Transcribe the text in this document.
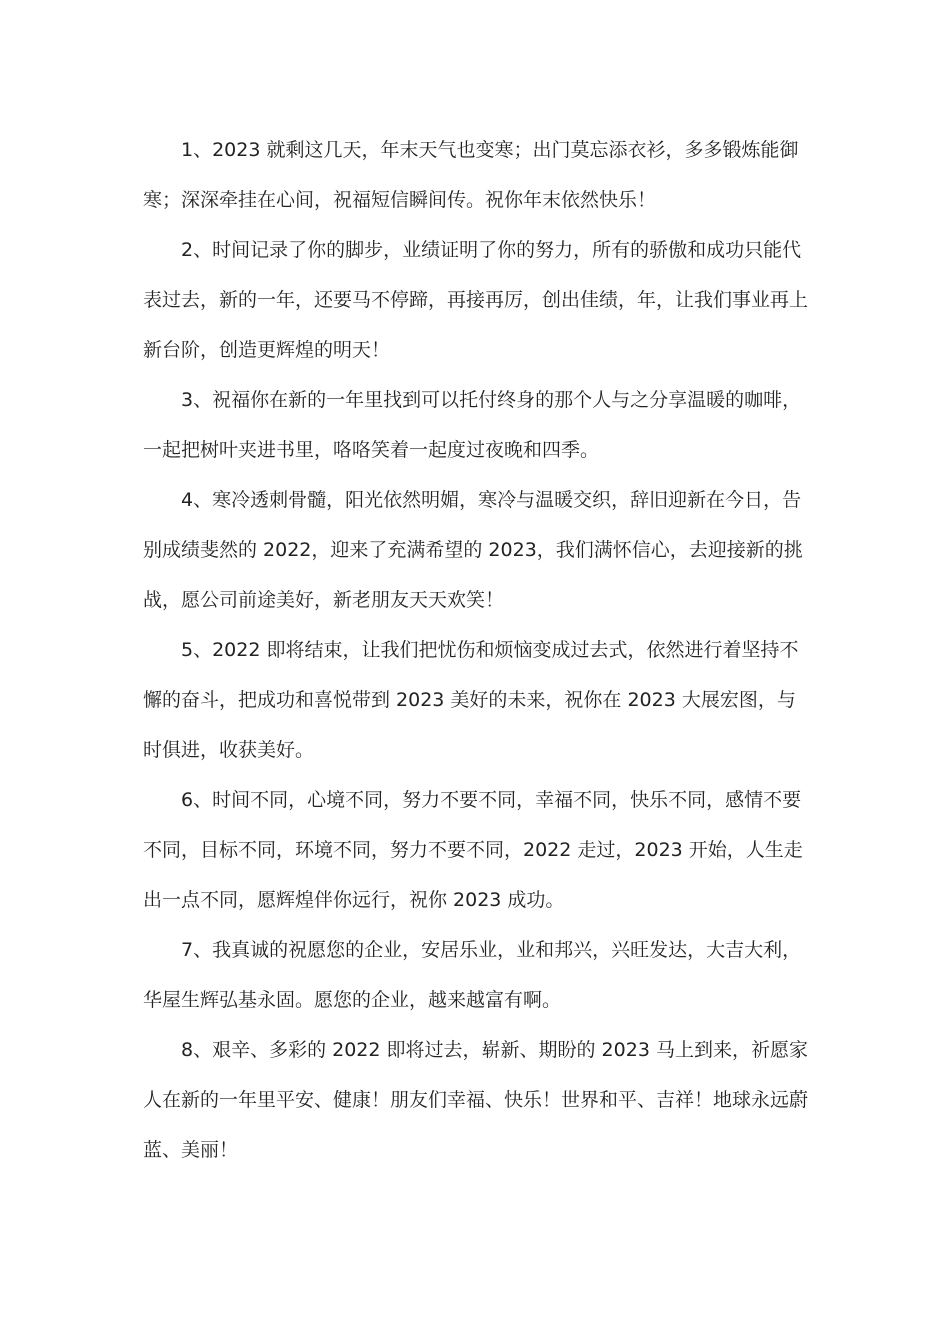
1、2023 就剩这几天，年末天气也变寒；出门莫忘添衣衫，多多锻炼能御寒；深深牵挂在心间，祝福短信瞬间传。祝你年末依然快乐！

2、时间记录了你的脚步，业绩证明了你的努力，所有的骄傲和成功只能代表过去，新的一年，还要马不停蹄，再接再厉，创出佳绩，年，让我们事业再上新台阶，创造更辉煌的明天！

3、祝福你在新的一年里找到可以托付终身的那个人与之分享温暖的咖啡，一起把树叶夹进书里，咯咯笑着一起度过夜晚和四季。

4、寒冷透刺骨髓，阳光依然明媚，寒冷与温暖交织，辞旧迎新在今日，告别成绩斐然的 2022，迎来了充满希望的 2023，我们满怀信心，去迎接新的挑战，愿公司前途美好，新老朋友天天欢笑！

5、2022 即将结束，让我们把忧伤和烦恼变成过去式，依然进行着坚持不懈的奋斗，把成功和喜悦带到 2023 美好的未来，祝你在 2023 大展宏图，与时俱进，收获美好。

6、时间不同，心境不同，努力不要不同，幸福不同，快乐不同，感情不要不同，目标不同，环境不同，努力不要不同，2022 走过，2023 开始，人生走出一点不同，愿辉煌伴你远行，祝你 2023 成功。

7、我真诚的祝愿您的企业，安居乐业，业和邦兴，兴旺发达，大吉大利，华屋生辉弘基永固。愿您的企业，越来越富有啊。

8、艰辛、多彩的 2022 即将过去，崭新、期盼的 2023 马上到来，祈愿家人在新的一年里平安、健康！朋友们幸福、快乐！世界和平、吉祥！地球永远蔚蓝、美丽！
